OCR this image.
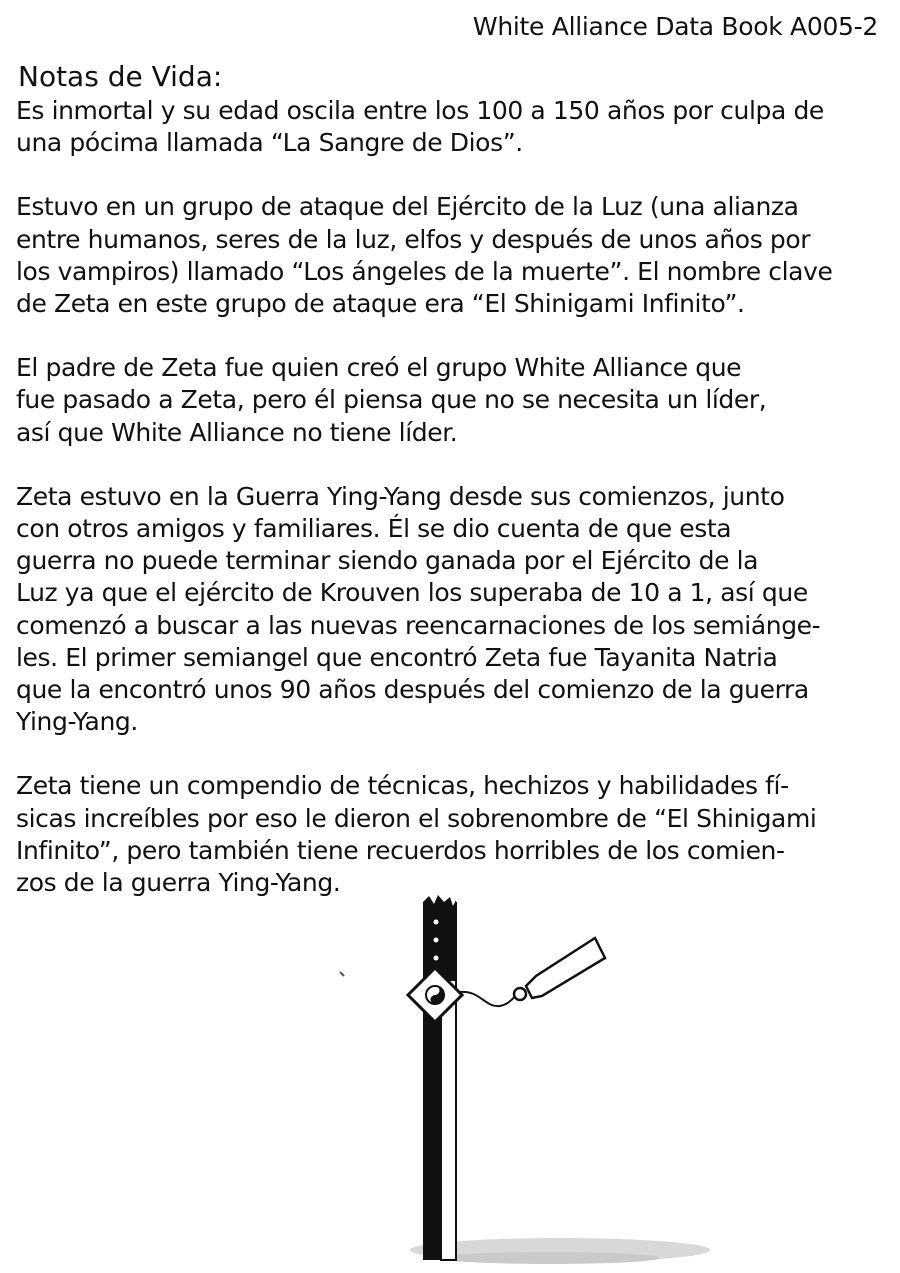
White Alliance Data Book A005-2
Notas de Vida:

Es inmortal y su edad oscila entre los 100 a 150 años por culpa de
una pócima llamada “La Sangre de Dios”.

Estuvo en un grupo de ataque del Ejército de la Luz (una alianza
entre humanos, seres de la luz, elfos y después de unos años por
los vampiros) llamado “Los ángeles de la muerte”. El nombre clave
de Zeta en este grupo de ataque era “El Shinigami Infinito”.

El padre de Zeta fue quien creó el grupo White Alliance que
fue pasado a Zeta, pero él piensa que no se necesita un líder,
así que White Alliance no tiene líder.

Zeta estuvo en la Guerra Ying-Yang desde sus comienzos, junto
con otros amigos y familiares. Él se dio cuenta de que esta
guerra no puede terminar siendo ganada por el Ejército de la
Luz ya que el ejército de Krouven los superaba de 10 a 1, así que
comenzó a buscar a las nuevas reencarnaciones de los semiánge-
les. El primer semiangel que encontró Zeta fue Tayanita Natria
que la encontró unos 90 años después del comienzo de la guerra
Ying-Yang.

Zeta tiene un compendio de técnicas, hechizos y habilidades fí-
sicas increíbles por eso le dieron el sobrenombre de “El Shinigami
Infinito”, pero también tiene recuerdos horribles de los comien-
zos de la guerra Ying-Yang.
